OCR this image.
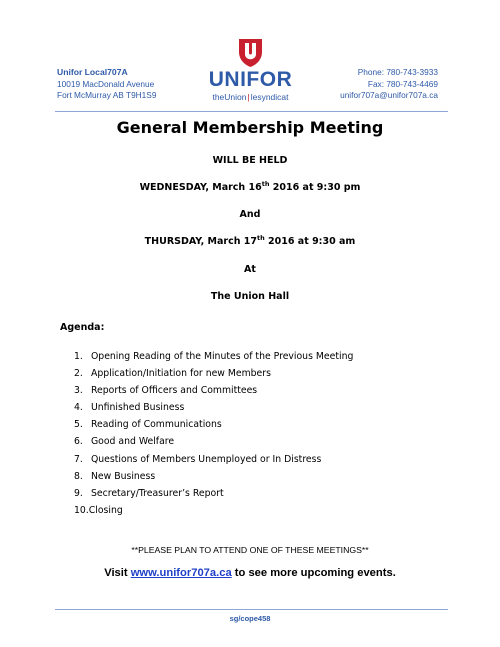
Unifor Local707A
10019 MacDonald Avenue
Fort McMurray AB T9H1S9
UNIFOR
theUnion|lesyndicat
Phone: 780-743-3933
Fax: 780-743-4469
unifor707a@unifor707a.ca
General Membership Meeting
WILL BE HELD
WEDNESDAY, March 16th 2016 at 9:30 pm
And
THURSDAY, March 17th 2016 at 9:30 am
At
The Union Hall
Agenda:
1. Opening Reading of the Minutes of the Previous Meeting
2. Application/Initiation for new Members
3. Reports of Officers and Committees
4. Unfinished Business
5. Reading of Communications
6. Good and Welfare
7. Questions of Members Unemployed or In Distress
8. New Business
9. Secretary/Treasurer’s Report
10.Closing
**PLEASE PLAN TO ATTEND ONE OF THESE MEETINGS**
Visit www.unifor707a.ca to see more upcoming events.
sg/cope458
